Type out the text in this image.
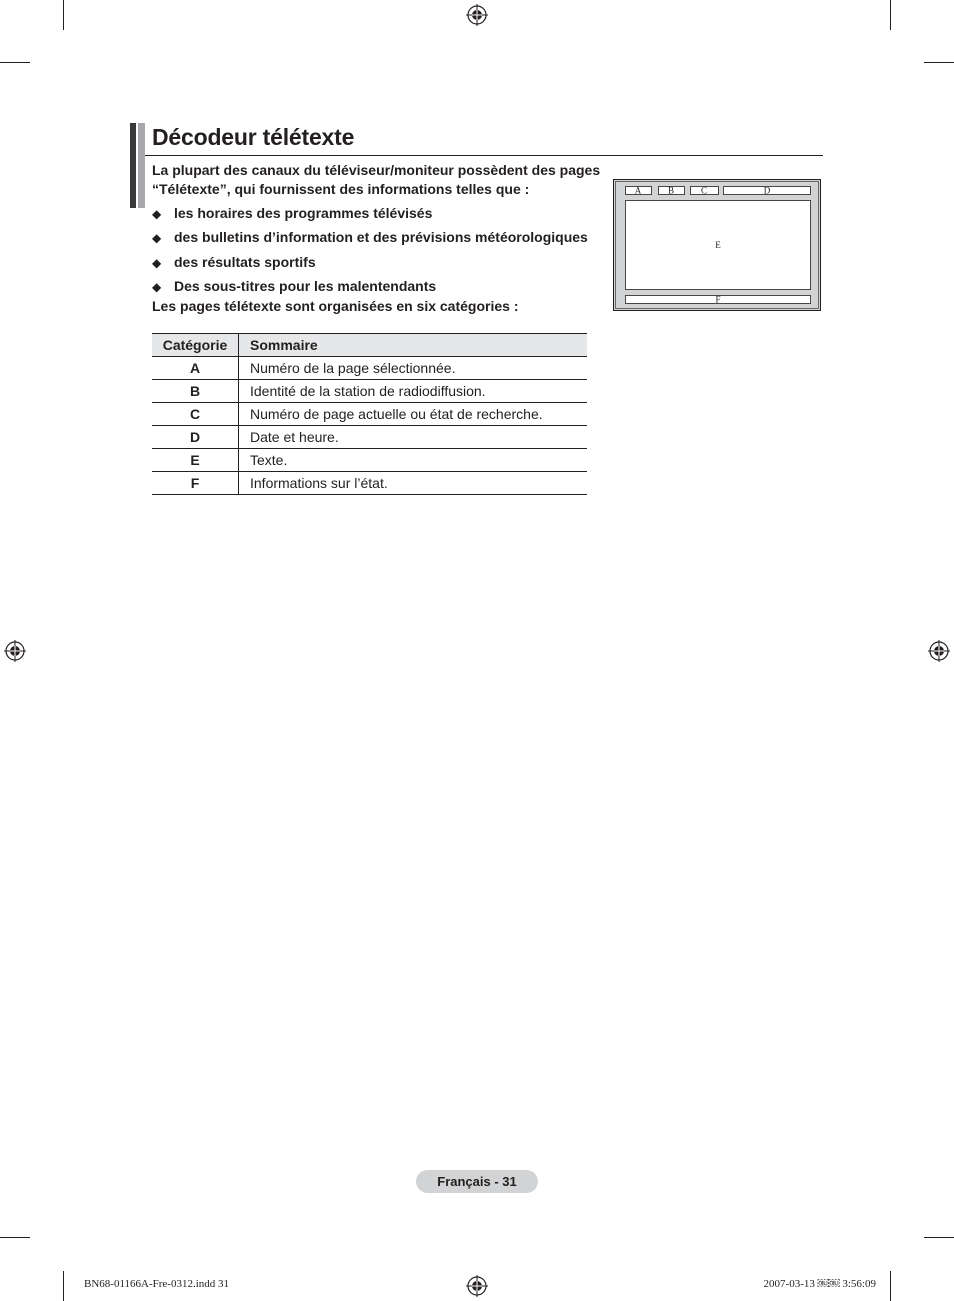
Décodeur télétexte

La plupart des canaux du téléviseur/moniteur possèdent des pages “Télétexte”, qui fournissent des informations telles que :

◆ les horaires des programmes télévisés
◆ des bulletins d’information et des prévisions météorologiques
◆ des résultats sportifs
◆ Des sous-titres pour les malentendants

Les pages télétexte sont organisées en six catégories :

Catégorie	Sommaire
A	Numéro de la page sélectionnée.
B	Identité de la station de radiodiffusion.
C	Numéro de page actuelle ou état de recherche.
D	Date et heure.
E	Texte.
F	Informations sur l’état.
A	B	C	D
E
F
Français - 31
BN68-01166A-Fre-0312.indd 31	2007-03-13 ￼￼ 3:56:09
